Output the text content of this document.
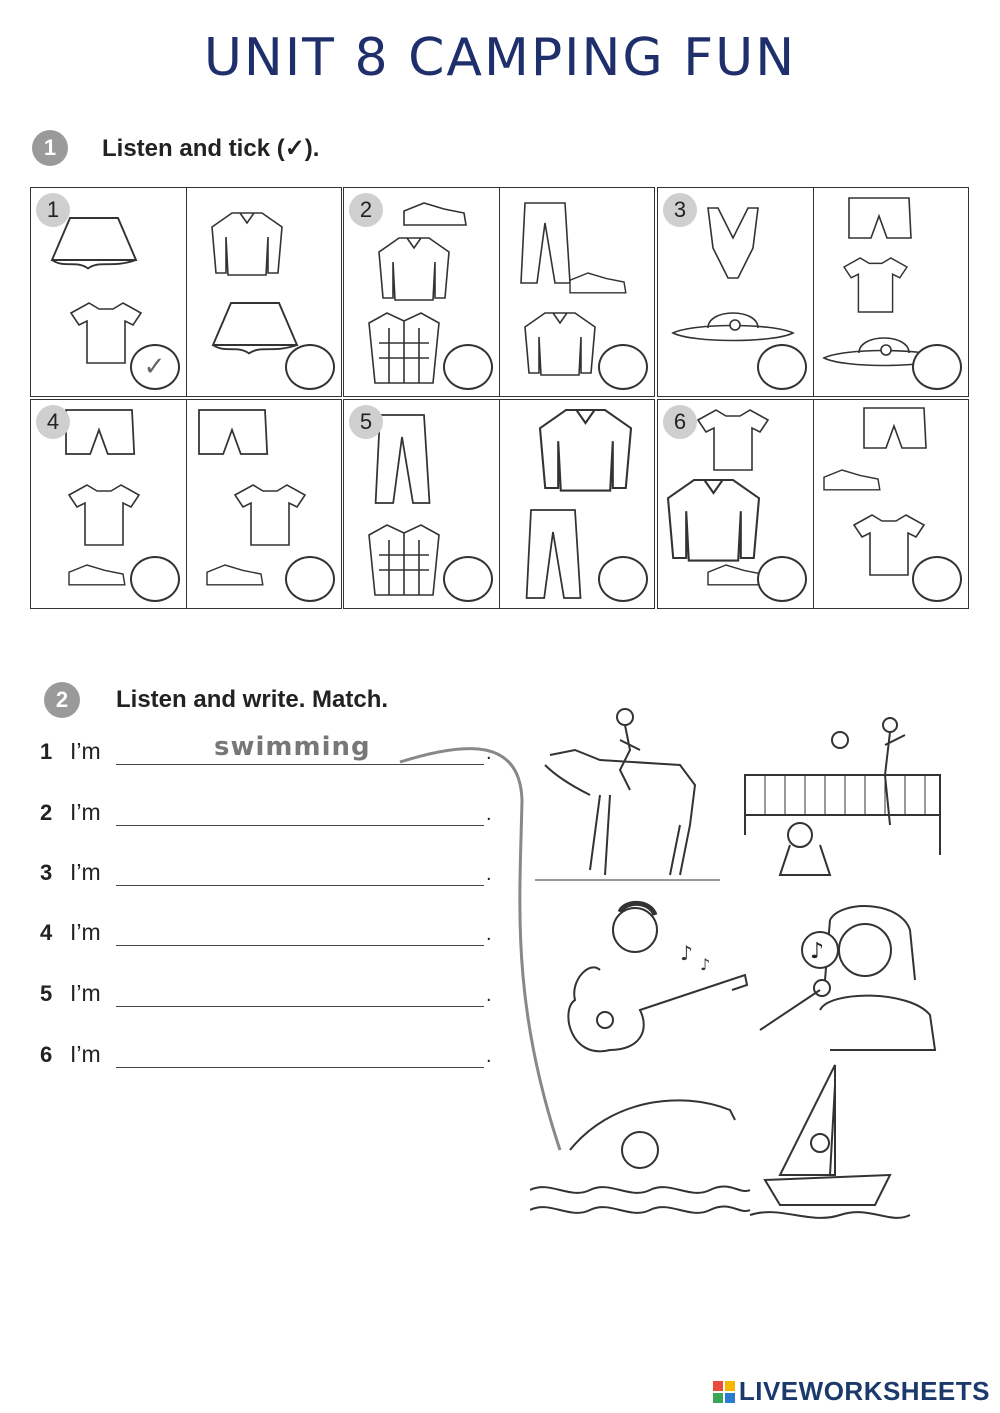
UNIT 8 CAMPING FUN
1	Listen and tick (✓).
1
✓
2	3
4	5	6
2	Listen and write. Match.
1 I’m	swimming	.
2 I’m	.
3 I’m	.
4 I’m	.
5 I’m	.
6 I’m	.
♪ ♪
♪
LIVEWORKSHEETS
